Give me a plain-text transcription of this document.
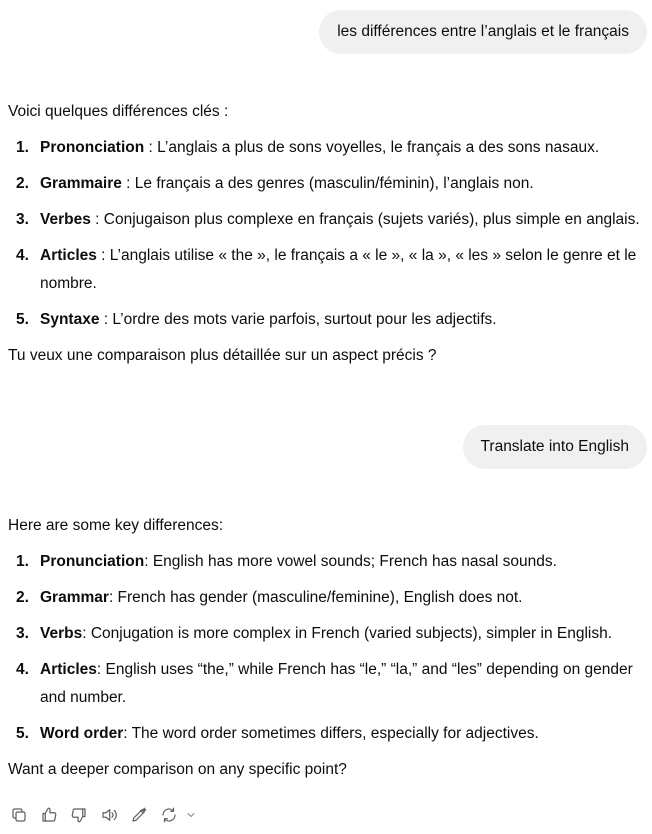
les différences entre l’anglais et le français

Voici quelques différences clés :

1. Prononciation : L’anglais a plus de sons voyelles, le français a des sons nasaux.
2. Grammaire : Le français a des genres (masculin/féminin), l’anglais non.
3. Verbes : Conjugaison plus complexe en français (sujets variés), plus simple en anglais.
4. Articles : L’anglais utilise « the », le français a « le », « la », « les » selon le genre et le nombre.
5. Syntaxe : L’ordre des mots varie parfois, surtout pour les adjectifs.

Tu veux une comparaison plus détaillée sur un aspect précis ?

Translate into English

Here are some key differences:

1. Pronunciation: English has more vowel sounds; French has nasal sounds.
2. Grammar: French has gender (masculine/feminine), English does not.
3. Verbs: Conjugation is more complex in French (varied subjects), simpler in English.
4. Articles: English uses “the,” while French has “le,” “la,” and “les” depending on gender and number.
5. Word order: The word order sometimes differs, especially for adjectives.

Want a deeper comparison on any specific point?
